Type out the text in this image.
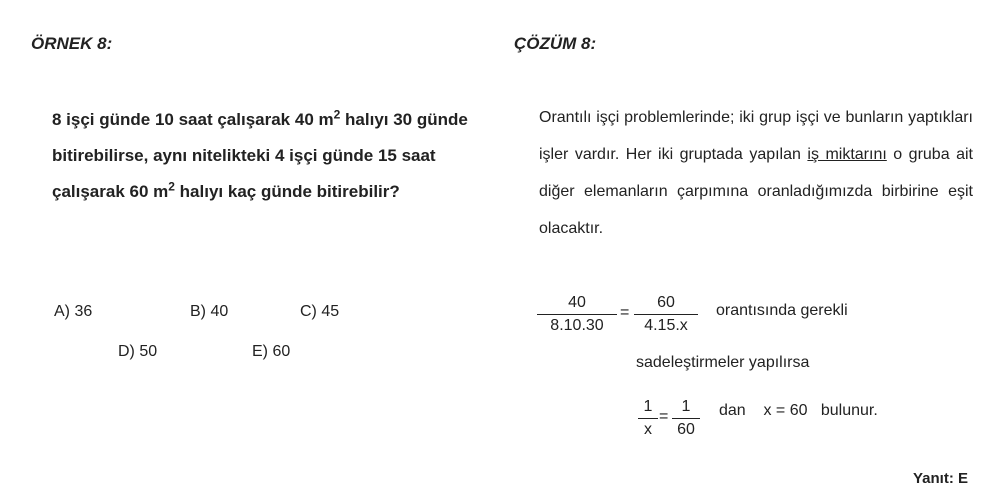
ÖRNEK 8:
8 işçi günde 10 saat çalışarak 40 $m^2$ halıyı 30 günde bitirebilirse, aynı nitelikteki 4 işçi günde 15 saat çalışarak 60 $m^2$ halıyı kaç günde bitirebilir?
A) 36	B) 40	C) 45
D) 50	E) 60
ÇÖZÜM 8:
Orantılı işçi problemlerinde; iki grup işçi ve bunların yaptıkları işler vardır. Her iki gruptada yapılan iş miktarını o gruba ait diğer elemanların çarpımına oranladığımızda birbirine eşit olacaktır.
$\frac{40}{8.10.30} = \frac{60}{4.15.x}$ orantısında gerekli
sadeleştirmeler yapılırsa
$\frac{1}{x} = \frac{1}{60}$ dan    x = 60   bulunur.
Yanıt: E
